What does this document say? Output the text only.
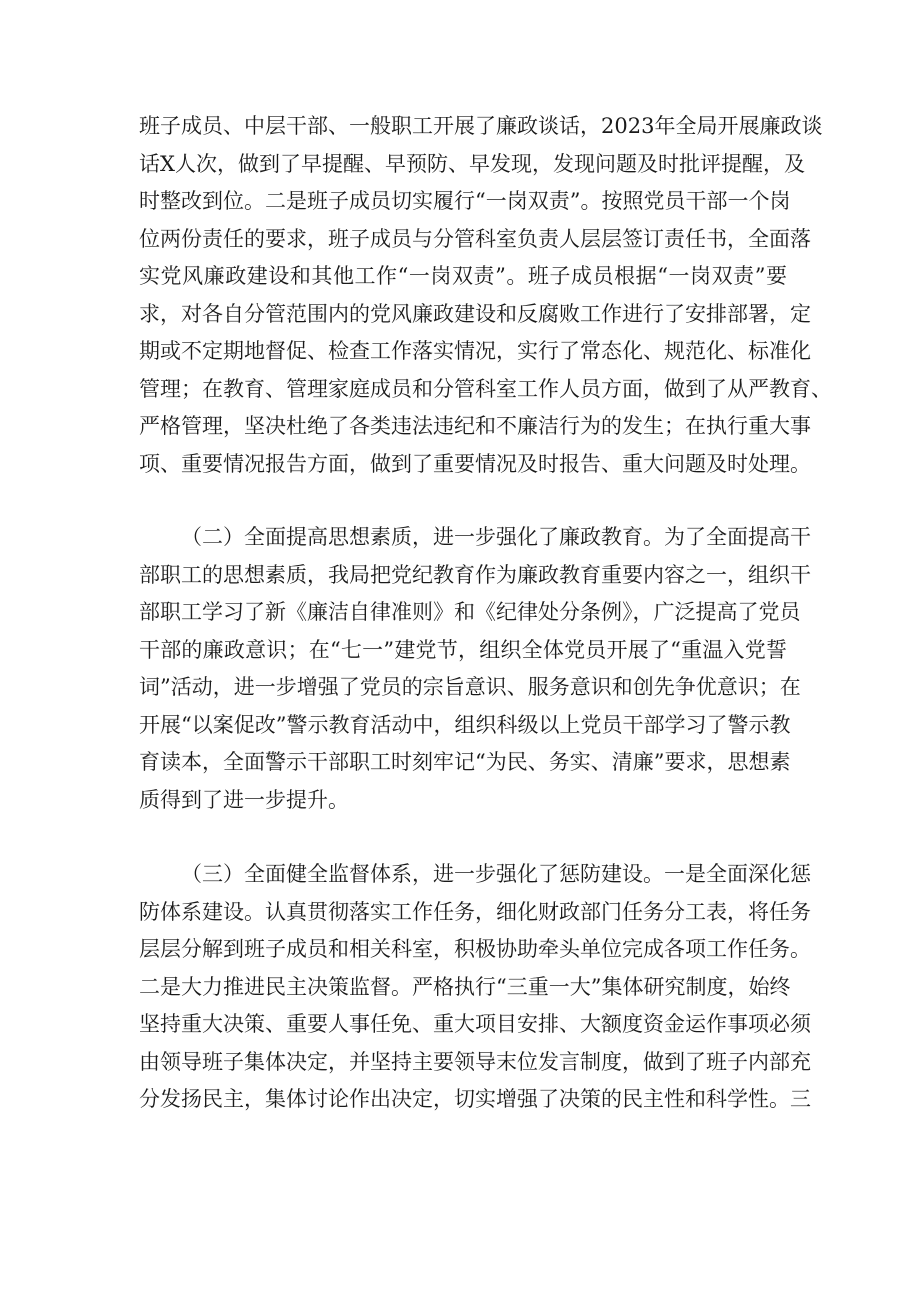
班子成员、中层干部、一般职工开展了廉政谈话，2023年全局开展廉政谈
话X人次，做到了早提醒、早预防、早发现，发现问题及时批评提醒，及
时整改到位。二是班子成员切实履行“一岗双责”。按照党员干部一个岗
位两份责任的要求，班子成员与分管科室负责人层层签订责任书，全面落
实党风廉政建设和其他工作“一岗双责”。班子成员根据“一岗双责”要
求，对各自分管范围内的党风廉政建设和反腐败工作进行了安排部署，定
期或不定期地督促、检查工作落实情况，实行了常态化、规范化、标准化
管理；在教育、管理家庭成员和分管科室工作人员方面，做到了从严教育、
严格管理，坚决杜绝了各类违法违纪和不廉洁行为的发生；在执行重大事
项、重要情况报告方面，做到了重要情况及时报告、重大问题及时处理。
（二）全面提高思想素质，进一步强化了廉政教育。为了全面提高干
部职工的思想素质，我局把党纪教育作为廉政教育重要内容之一，组织干
部职工学习了新《廉洁自律准则》和《纪律处分条例》，广泛提高了党员
干部的廉政意识；在“七一”建党节，组织全体党员开展了“重温入党誓
词”活动，进一步增强了党员的宗旨意识、服务意识和创先争优意识；在
开展“以案促改”警示教育活动中，组织科级以上党员干部学习了警示教
育读本，全面警示干部职工时刻牢记“为民、务实、清廉”要求，思想素
质得到了进一步提升。
（三）全面健全监督体系，进一步强化了惩防建设。一是全面深化惩
防体系建设。认真贯彻落实工作任务，细化财政部门任务分工表，将任务
层层分解到班子成员和相关科室，积极协助牵头单位完成各项工作任务。
二是大力推进民主决策监督。严格执行“三重一大”集体研究制度，始终
坚持重大决策、重要人事任免、重大项目安排、大额度资金运作事项必须
由领导班子集体决定，并坚持主要领导末位发言制度，做到了班子内部充
分发扬民主，集体讨论作出决定，切实增强了决策的民主性和科学性。三
